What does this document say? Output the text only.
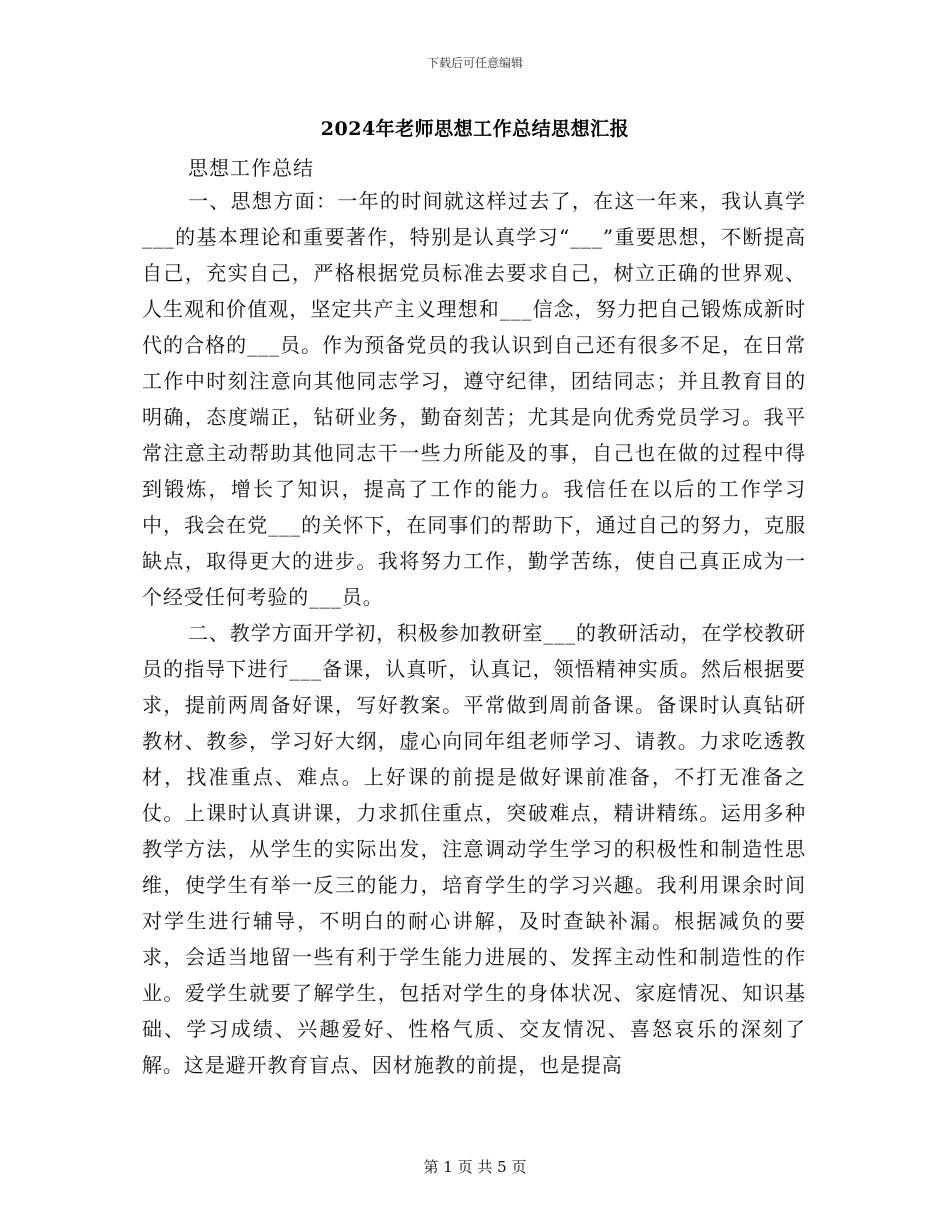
下载后可任意编辑
2024年老师思想工作总结思想汇报
思想工作总结

一、思想方面：一年的时间就这样过去了，在这一年来，我认真学___的基本理论和重要著作，特别是认真学习“___”重要思想，不断提高自己，充实自己，严格根据党员标准去要求自己，树立正确的世界观、人生观和价值观，坚定共产主义理想和___信念，努力把自己锻炼成新时代的合格的___员。作为预备党员的我认识到自己还有很多不足，在日常工作中时刻注意向其他同志学习，遵守纪律，团结同志；并且教育目的明确，态度端正，钻研业务，勤奋刻苦；尤其是向优秀党员学习。我平常注意主动帮助其他同志干一些力所能及的事，自己也在做的过程中得到锻炼，增长了知识，提高了工作的能力。我信任在以后的工作学习中，我会在党___的关怀下，在同事们的帮助下，通过自己的努力，克服缺点，取得更大的进步。我将努力工作，勤学苦练，使自己真正成为一个经受任何考验的___员。

二、教学方面开学初，积极参加教研室___的教研活动，在学校教研员的指导下进行___备课，认真听，认真记，领悟精神实质。然后根据要求，提前两周备好课，写好教案。平常做到周前备课。备课时认真钻研教材、教参，学习好大纲，虚心向同年组老师学习、请教。力求吃透教材，找准重点、难点。上好课的前提是做好课前准备，不打无准备之仗。上课时认真讲课，力求抓住重点，突破难点，精讲精练。运用多种教学方法，从学生的实际出发，注意调动学生学习的积极性和制造性思维，使学生有举一反三的能力，培育学生的学习兴趣。我利用课余时间对学生进行辅导，不明白的耐心讲解，及时查缺补漏。根据减负的要求，会适当地留一些有利于学生能力进展的、发挥主动性和制造性的作业。爱学生就要了解学生，包括对学生的身体状况、家庭情况、知识基础、学习成绩、兴趣爱好、性格气质、交友情况、喜怒哀乐的深刻了解。这是避开教育盲点、因材施教的前提，也是提高

第 1 页 共 5 页
